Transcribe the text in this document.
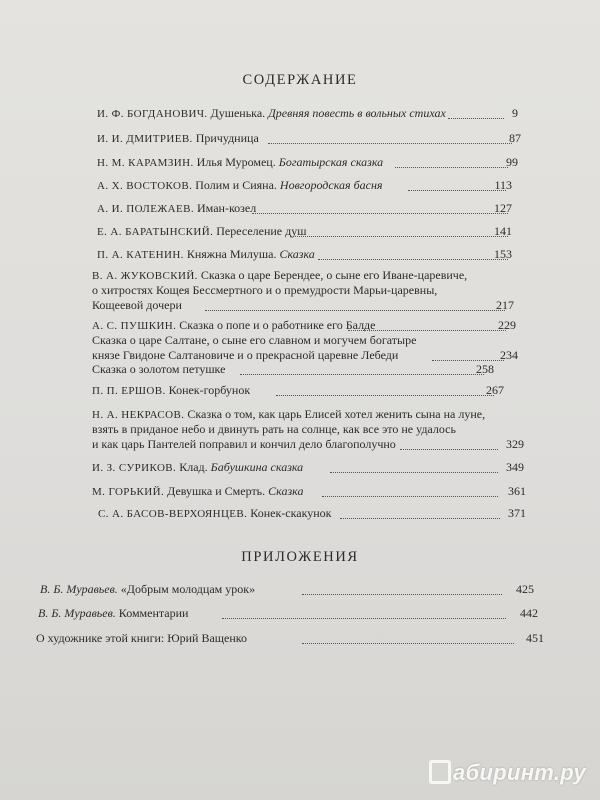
СОДЕРЖАНИЕ
И. Ф. БОГДАНОВИЧ. Душенька. Древняя повесть в вольных стихах	9
И. И. ДМИТРИЕВ. Причудница	87
Н. М. КАРАМЗИН. Илья Муромец. Богатырская сказка	99
А. Х. ВОСТОКОВ. Полим и Сияна. Новгородская басня	113
А. И. ПОЛЕЖАЕВ. Иман-козел	127
Е. А. БАРАТЫНСКИЙ. Переселение душ	141
П. А. КАТЕНИН. Княжна Милуша. Сказка	153
В. А. ЖУКОВСКИЙ. Сказка о царе Берендее, о сыне его Иване-царевиче,
о хитростях Кощея Бессмертного и о премудрости Марьи-царевны,
Кощеевой дочери	217
А. С. ПУШКИН. Сказка о попе и о работнике его Балде	229
Сказка о царе Салтане, о сыне его славном и могучем богатыре
князе Гвидоне Салтановиче и о прекрасной царевне Лебеди	234
Сказка о золотом петушке	258
П. П. ЕРШОВ. Конек-горбунок	267
Н. А. НЕКРАСОВ. Сказка о том, как царь Елисей хотел женить сына на луне,
взять в приданое небо и двинуть рать на солнце, как все это не удалось
и как царь Пантелей поправил и кончил дело благополучно	329
И. З. СУРИКОВ. Клад. Бабушкина сказка	349
М. ГОРЬКИЙ. Девушка и Смерть. Сказка	361
С. А. БАСОВ-ВЕРХОЯНЦЕВ. Конек-скакунок	371
ПРИЛОЖЕНИЯ
В. Б. Муравьев. «Добрым молодцам урок»	425
В. Б. Муравьев. Комментарии	442
О художнике этой книги: Юрий Ващенко	451
абиринт.ру
